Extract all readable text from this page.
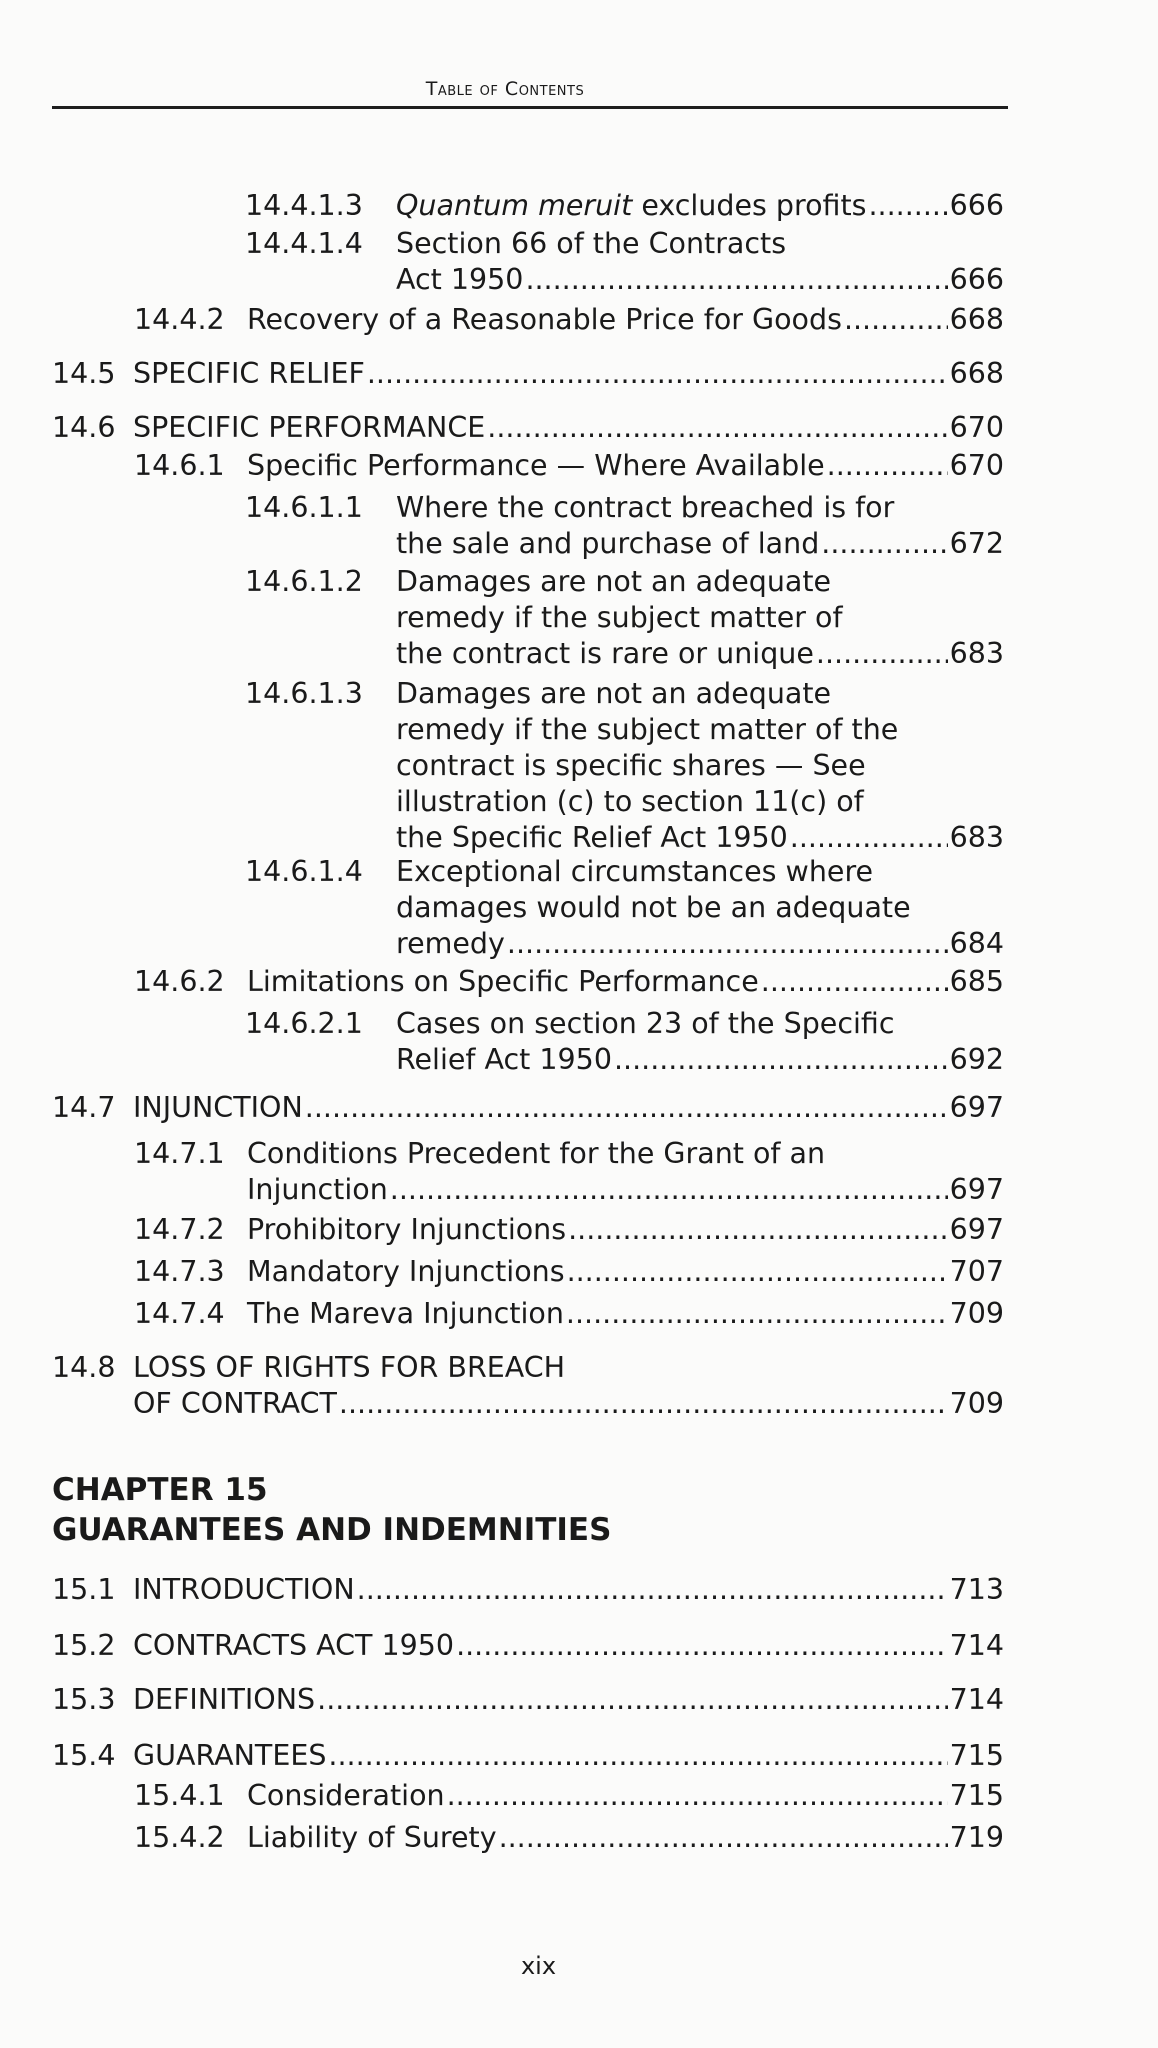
Table of Contents
14.4.1.3 Quantum meruit excludes profits .....	666
14.4.1.4 Section 66 of the Contracts
Act 1950 .....	666
14.4.2 Recovery of a Reasonable Price for Goods .....	668
14.5 SPECIFIC RELIEF .....	668
14.6 SPECIFIC PERFORMANCE .....	670
14.6.1 Specific Performance — Where Available .....	670
14.6.1.1 Where the contract breached is for
the sale and purchase of land .....	672
14.6.1.2 Damages are not an adequate
remedy if the subject matter of
the contract is rare or unique .....	683
14.6.1.3 Damages are not an adequate
remedy if the subject matter of the
contract is specific shares — See
illustration (c) to section 11(c) of
the Specific Relief Act 1950 .....	683
14.6.1.4 Exceptional circumstances where
damages would not be an adequate
remedy .....	684
14.6.2 Limitations on Specific Performance .....	685
14.6.2.1 Cases on section 23 of the Specific
Relief Act 1950 .....	692
14.7 INJUNCTION .....	697
14.7.1 Conditions Precedent for the Grant of an
Injunction .....	697
14.7.2 Prohibitory Injunctions .....	697
14.7.3 Mandatory Injunctions .....	707
14.7.4 The Mareva Injunction .....	709
14.8 LOSS OF RIGHTS FOR BREACH
OF CONTRACT .....	709
15.1 INTRODUCTION .....	713
15.2 CONTRACTS ACT 1950 .....	714
15.3 DEFINITIONS .....	714
15.4 GUARANTEES .....	715
15.4.1 Consideration .....	715
15.4.2 Liability of Surety .....	719
CHAPTER 15
GUARANTEES AND INDEMNITIES
xix
